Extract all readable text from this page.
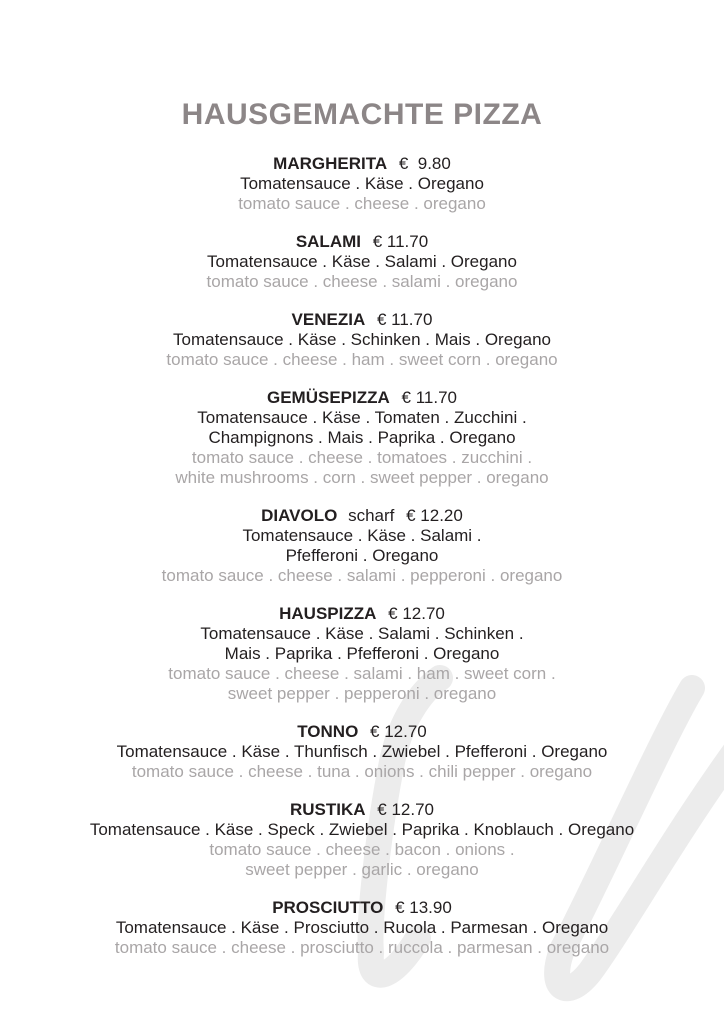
HAUSGEMACHTE PIZZA
MARGHERITA €  9.80
Tomatensauce . Käse . Oregano
tomato sauce . cheese . oregano
SALAMI € 11.70
Tomatensauce . Käse . Salami . Oregano
tomato sauce . cheese . salami . oregano
VENEZIA € 11.70
Tomatensauce . Käse . Schinken . Mais . Oregano
tomato sauce . cheese . ham . sweet corn . oregano
GEMÜSEPIZZA € 11.70
Tomatensauce . Käse . Tomaten . Zucchini .
Champignons . Mais . Paprika . Oregano
tomato sauce . cheese . tomatoes . zucchini .
white mushrooms . corn . sweet pepper . oregano
DIAVOLO scharf € 12.20
Tomatensauce . Käse . Salami .
Pfefferoni . Oregano
tomato sauce . cheese . salami . pepperoni . oregano
HAUSPIZZA € 12.70
Tomatensauce . Käse . Salami . Schinken .
Mais . Paprika . Pfefferoni . Oregano
tomato sauce . cheese . salami . ham . sweet corn .
sweet pepper . pepperoni . oregano
TONNO € 12.70
Tomatensauce . Käse . Thunfisch . Zwiebel . Pfefferoni . Oregano
tomato sauce . cheese . tuna . onions . chili pepper . oregano
RUSTIKA € 12.70
Tomatensauce . Käse . Speck . Zwiebel . Paprika . Knoblauch . Oregano
tomato sauce . cheese . bacon . onions .
sweet pepper . garlic . oregano
PROSCIUTTO € 13.90
Tomatensauce . Käse . Prosciutto . Rucola . Parmesan . Oregano
tomato sauce . cheese . prosciutto . ruccola . parmesan . oregano
